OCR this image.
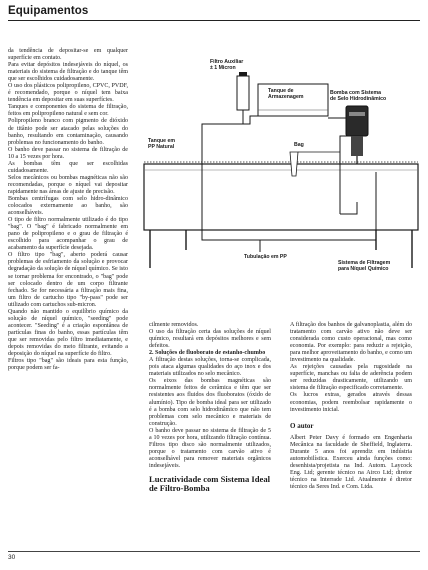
Equipamentos

da tendência de depositar-se em qualquer superfície em contato.
Para evitar depósitos indesejáveis do níquel, os materiais do sistema de filtração e do tanque têm que ser escolhidos cuidadosamente.
O uso dos plásticos polipropileno, CPVC, PVDF, é recomendado, porque o níquel tem baixa tendência em depositar em suas superfícies.
Tanques e componentes do sistema de filtração, feitos em polipropileno natural e sem cor.
Polipropileno branco com pigmento de dióxido de titânio pode ser atacado pelas soluções do banho, resultando em contaminação, causando problemas no funcionamento do banho.
O banho deve passar no sistema de filtração de 10 a 15 vezes por hora.
As bombas têm que ser escolhidas cuidadosamente.
Selos mecânicos ou bombas magnéticas não são recomendadas, porque o níquel vai depositar rapidamente nas áreas de ajuste de precisão.
Bombas centrífugas com selo hidro-dinâmico colocados externamente ao banho, são aconselháveis.
O tipo de filtro normalmente utilizado é do tipo "bag". O "bag" é fabricado normalmente em pano de polipropileno e o grau de filtração é escolhido para acompanhar o grau de acabamento da superfície desejada.
O filtro tipo "bag", aberto poderá causar problemas de esfriamento da solução e provocar degradação da solução de níquel químico. Se isto se tornar problema for encontrado, o "bag" pode ser colocado dentro de um corpo filtrante fechado. Se for necessária a filtração mais fina, um filtro de cartucho tipo "by-pass" pode ser utilizado com cartuchos sub-micron.
Quando não mantido o equilíbrio químico da solução de níquel químico, "seeding" pode acontecer. "Seeding" é a criação espontânea de partículas finas do banho, essas partículas têm que ser removidas pelo filtro imediatamente, e depois removidas do meio filtrante, evitando a deposição do níquel na superfície do filtro.
Filtros tipo "bag" são ideais para esta função, porque podem ser fa-

Filtro Auxiliar ± 1 Micron
Bomba com Sistema de Selo Hidrodinâmico
Tanque de Armazenagem
Tanque em PP Natural	Bag
Tubulação em PP
Sistema de Filtragem para Níquel Químico

cilmente removidos.
O uso da filtração certa das soluções de níquel químico, resultará em depósitos melhores e sem defeitos.

2. Soluções de fluoborato de estanho-chumbo

A filtração destas soluções, torna-se complicada, pois ataca algumas qualidades do aço inox e dos materiais utilizados no selo mecânico.
Os eixos das bombas magnéticas são normalmente feitos de cerâmica e têm que ser resistentes aos fluidos dos fluoboratos (óxido de alumínio). Tipo de bomba ideal para ser utilizado é a bomba com selo hidrodinâmico que não tem problemas com selo mecânico e materiais de construção.
O banho deve passar no sistema de filtração de 5 a 10 vezes por hora, utilizando filtração contínua. Filtros tipo disco são normalmente utilizados, porque o tratamento com carvão ativo é aconselhável para remover materiais orgânicos indesejáveis.

Lucratividade com Sistema Ideal de Filtro-Bomba

A filtração dos banhos de galvanoplastia, além do tratamento com carvão ativo não deve ser considerada como custo operacional, mas como economia. Por exemplo: para reduzir a rejeição, para melhor aproveitamento do banho, e como um investimento na qualidade.
As rejeições causadas pela rugosidade na superfície, manchas ou falta de aderência podem ser reduzidas drasticamente, utilizando um sistema de filtração especificado corretamente.
Os lucros extras, gerados através dessas economias, podem reembolsar rapidamente o investimento inicial.

O autor

Albert Peter Davy é formado em Engenharia Mecânica na faculdade de Sheffield, Inglaterra. Durante 5 anos foi aprendiz em indústria automobilística. Exerceu ainda funções como: desenhista/projetista na Ind. Autom. Laycock Eng. Ltd; gerente técnico na Airco Ltd; diretor técnico na Interrade Ltd. Atualmente é diretor técnico da Seres Ind. e Com. Ltda.

30
